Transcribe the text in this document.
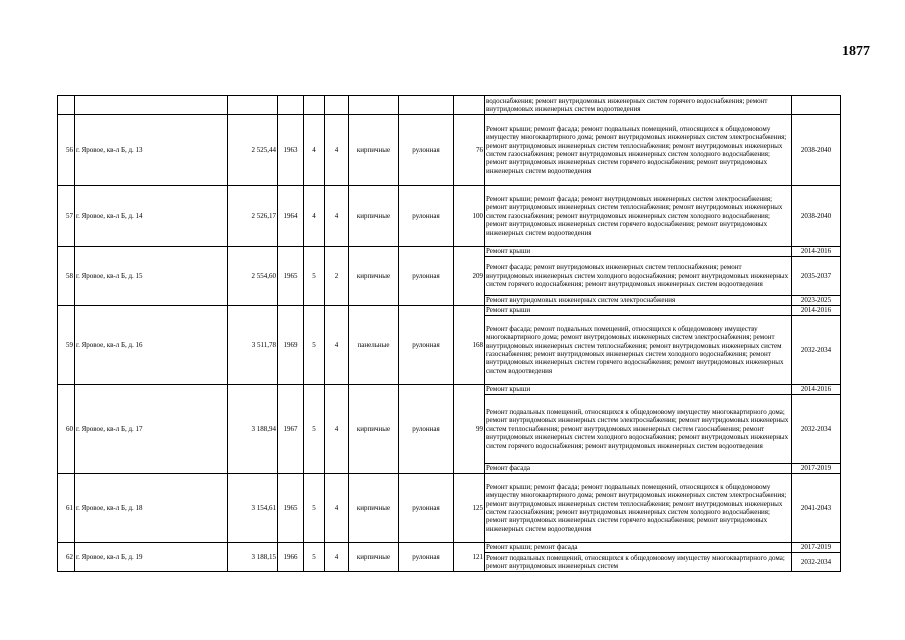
1877
									водоснабжения; ремонт внутридомовых инженерных систем горячего водоснабжения; ремонт внутридомовых инженерных систем водоотведения	
56	г. Яровое, кв-л Б, д. 13	2 525,44	1963	4	4	кирпичные	рулонная	76	Ремонт крыши; ремонт фасада; ремонт подвальных помещений, относящихся к общедомовому имуществу многоквартирного дома; ремонт внутридомовых инженерных систем электроснабжения; ремонт внутридомовых инженерных систем теплоснабжения; ремонт внутридомовых инженерных систем газоснабжения; ремонт внутридомовых инженерных систем холодного водоснабжения; ремонт внутридомовых инженерных систем горячего водоснабжения; ремонт внутридомовых инженерных систем водоотведения	2038-2040
57	г. Яровое, кв-л Б, д. 14	2 526,17	1964	4	4	кирпичные	рулонная	100	Ремонт крыши; ремонт фасада; ремонт внутридомовых инженерных систем электроснабжения; ремонт внутридомовых инженерных систем теплоснабжения; ремонт внутридомовых инженерных систем газоснабжения; ремонт внутридомовых инженерных систем холодного водоснабжения; ремонт внутридомовых инженерных систем горячего водоснабжения; ремонт внутридомовых инженерных систем водоотведения	2038-2040
58	г. Яровое, кв-л Б, д. 15	2 554,60	1965	5	2	кирпичные	рулонная	209	Ремонт крыши	2014-2016
									Ремонт фасада; ремонт внутридомовых инженерных систем теплоснабжения; ремонт внутридомовых инженерных систем холодного водоснабжения; ремонт внутридомовых инженерных систем горячего водоснабжения; ремонт внутридомовых инженерных систем водоотведения	2035-2037
									Ремонт внутридомовых инженерных систем электроснабжения	2023-2025
59	г. Яровое, кв-л Б, д. 16	3 511,78	1969	5	4	панельные	рулонная	168	Ремонт крыши	2014-2016
									Ремонт фасада; ремонт подвальных помещений, относящихся к общедомовому имуществу многоквартирного дома; ремонт внутридомовых инженерных систем электроснабжения; ремонт внутридомовых инженерных систем теплоснабжения; ремонт внутридомовых инженерных систем газоснабжения; ремонт внутридомовых инженерных систем холодного водоснабжения; ремонт внутридомовых инженерных систем горячего водоснабжения; ремонт внутридомовых инженерных систем водоотведения	2032-2034
60	г. Яровое, кв-л Б, д. 17	3 188,94	1967	5	4	кирпичные	рулонная	99	Ремонт крыши	2014-2016
									Ремонт подвальных помещений, относящихся к общедомовому имуществу многоквартирного дома; ремонт внутридомовых инженерных систем электроснабжения; ремонт внутридомовых инженерных систем теплоснабжения; ремонт внутридомовых инженерных систем газоснабжения; ремонт внутридомовых инженерных систем холодного водоснабжения; ремонт внутридомовых инженерных систем горячего водоснабжения; ремонт внутридомовых инженерных систем водоотведения	2032-2034
									Ремонт фасада	2017-2019
61	г. Яровое, кв-л Б, д. 18	3 154,61	1965	5	4	кирпичные	рулонная	125	Ремонт крыши; ремонт фасада; ремонт подвальных помещений, относящихся к общедомовому имуществу многоквартирного дома; ремонт внутридомовых инженерных систем электроснабжения; ремонт внутридомовых инженерных систем теплоснабжения; ремонт внутридомовых инженерных систем газоснабжения; ремонт внутридомовых инженерных систем холодного водоснабжения; ремонт внутридомовых инженерных систем горячего водоснабжения; ремонт внутридомовых инженерных систем водоотведения	2041-2043
62	г. Яровое, кв-л Б, д. 19	3 188,15	1966	5	4	кирпичные	рулонная	121	Ремонт крыши; ремонт фасада	2017-2019
									Ремонт подвальных помещений, относящихся к общедомовому имуществу многоквартирного дома; ремонт внутридомовых инженерных систем	2032-2034
